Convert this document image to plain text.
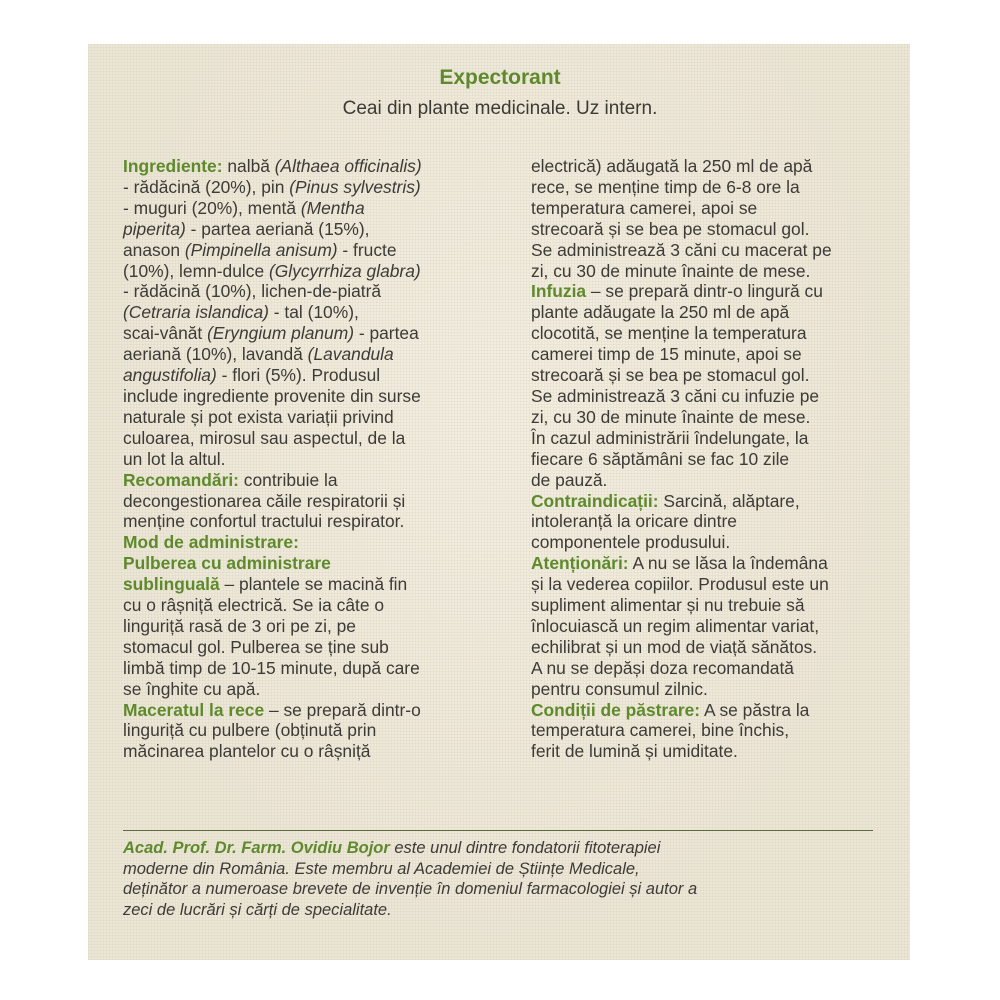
Expectorant
Ceai din plante medicinale. Uz intern.
Ingrediente: nalbă (Althaea officinalis)
- rădăcină (20%), pin (Pinus sylvestris)
- muguri (20%), mentă (Mentha
piperita) - partea aeriană (15%),
anason (Pimpinella anisum) - fructe
(10%), lemn-dulce (Glycyrrhiza glabra)
- rădăcină (10%), lichen-de-piatră
(Cetraria islandica) - tal (10%),
scai-vânăt (Eryngium planum) - partea
aeriană (10%), lavandă (Lavandula
angustifolia) - flori (5%). Produsul
include ingrediente provenite din surse
naturale și pot exista variații privind
culoarea, mirosul sau aspectul, de la
un lot la altul.
Recomandări: contribuie la
decongestionarea căile respiratorii și
menține confortul tractului respirator.
Mod de administrare:
Pulberea cu administrare
sublinguală – plantele se macină fin
cu o râșniță electrică. Se ia câte o
linguriță rasă de 3 ori pe zi, pe
stomacul gol. Pulberea se ține sub
limbă timp de 10-15 minute, după care
se înghite cu apă.
Maceratul la rece – se prepară dintr-o
linguriță cu pulbere (obținută prin
măcinarea plantelor cu o râșniță
electrică) adăugată la 250 ml de apă
rece, se menține timp de 6-8 ore la
temperatura camerei, apoi se
strecoară și se bea pe stomacul gol.
Se administrează 3 căni cu macerat pe
zi, cu 30 de minute înainte de mese.
Infuzia – se prepară dintr-o lingură cu
plante adăugate la 250 ml de apă
clocotită, se menține la temperatura
camerei timp de 15 minute, apoi se
strecoară și se bea pe stomacul gol.
Se administrează 3 căni cu infuzie pe
zi, cu 30 de minute înainte de mese.
În cazul administrării îndelungate, la
fiecare 6 săptămâni se fac 10 zile
de pauză.
Contraindicații: Sarcină, alăptare,
intoleranță la oricare dintre
componentele produsului.
Atenționări: A nu se lăsa la îndemâna
și la vederea copiilor. Produsul este un
supliment alimentar și nu trebuie să
înlocuiască un regim alimentar variat,
echilibrat și un mod de viață sănătos.
A nu se depăși doza recomandată
pentru consumul zilnic.
Condiții de păstrare: A se păstra la
temperatura camerei, bine închis,
ferit de lumină și umiditate.
Acad. Prof. Dr. Farm. Ovidiu Bojor este unul dintre fondatorii fitoterapiei
moderne din România. Este membru al Academiei de Științe Medicale,
deținător a numeroase brevete de invenție în domeniul farmacologiei și autor a
zeci de lucrări și cărți de specialitate.
